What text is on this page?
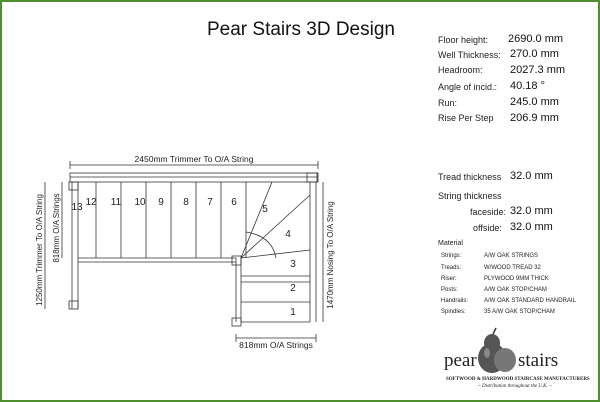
Pear Stairs 3D Design	Floor height: 2690.0 mm
Well Thickness: 270.0 mm
Headroom: 2027.3 mm
Angle of incid.: 40.18 °
Run:	245.0 mm
Rise Per Step 206.9 mm
Tread thickness 32.0 mm
String thickness
faceside: 32.0 mm
offside: 32.0 mm
Material
Strings:	A/W OAK STRINGS
Treads:	W/WOOD TREAD 32
Riser:	PLYWOOD 9MM THICK
Posts:	A/W OAK STOP/CHAM
Handrails:	A/W OAK STANDARD HANDRAIL
Spindles:	35 A/W OAK STOP/CHAM
2450mm Trimmer To O/A String
818mm O/A Strings
1250mm Trimmer To O/A String 818mm O/A Strings	1470mm Nosing To O/A String
13 12 11 10 9 8 7 6
5
4
3
2
1
pear stairs
SOFTWOOD & HARDWOOD STAIRCASE MANUFACTURERS
~ Distribution throughout the U.K. ~
